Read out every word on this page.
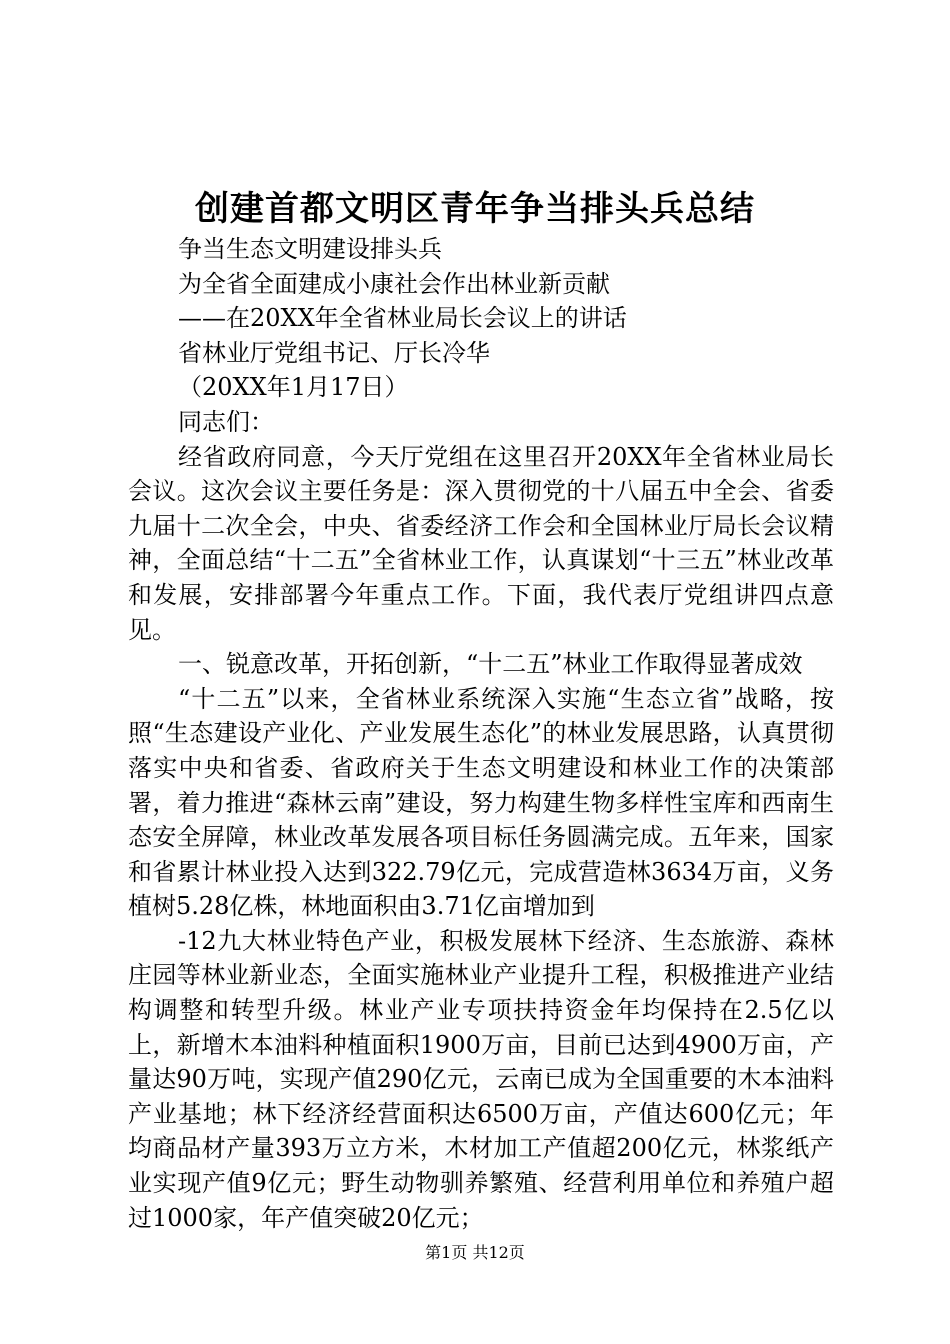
创建首都文明区青年争当排头兵总结

争当生态文明建设排头兵

为全省全面建成小康社会作出林业新贡献

——在20XX年全省林业局长会议上的讲话

省林业厅党组书记、厅长冷华

（20XX年1月17日）

同志们：

经省政府同意，今天厅党组在这里召开20XX年全省林业局长会议。这次会议主要任务是：深入贯彻党的十八届五中全会、省委九届十二次全会，中央、省委经济工作会和全国林业厅局长会议精神，全面总结“十二五”全省林业工作，认真谋划“十三五”林业改革和发展，安排部署今年重点工作。下面，我代表厅党组讲四点意见。

一、锐意改革，开拓创新，“十二五”林业工作取得显著成效

“十二五”以来，全省林业系统深入实施“生态立省”战略，按照“生态建设产业化、产业发展生态化”的林业发展思路，认真贯彻落实中央和省委、省政府关于生态文明建设和林业工作的决策部署，着力推进“森林云南”建设，努力构建生物多样性宝库和西南生态安全屏障，林业改革发展各项目标任务圆满完成。五年来，国家和省累计林业投入达到322.79亿元，完成营造林3634万亩，义务植树5.28亿株，林地面积由3.71亿亩增加到

-12九大林业特色产业，积极发展林下经济、生态旅游、森林庄园等林业新业态，全面实施林业产业提升工程，积极推进产业结构调整和转型升级。林业产业专项扶持资金年均保持在2.5亿以上，新增木本油料种植面积1900万亩，目前已达到4900万亩，产量达90万吨，实现产值290亿元，云南已成为全国重要的木本油料产业基地；林下经济经营面积达6500万亩，产值达600亿元；年均商品材产量393万立方米，木材加工产值超200亿元，林浆纸产业实现产值9亿元；野生动物驯养繁殖、经营利用单位和养殖户超过1000家，年产值突破20亿元；

第1页 共12页
